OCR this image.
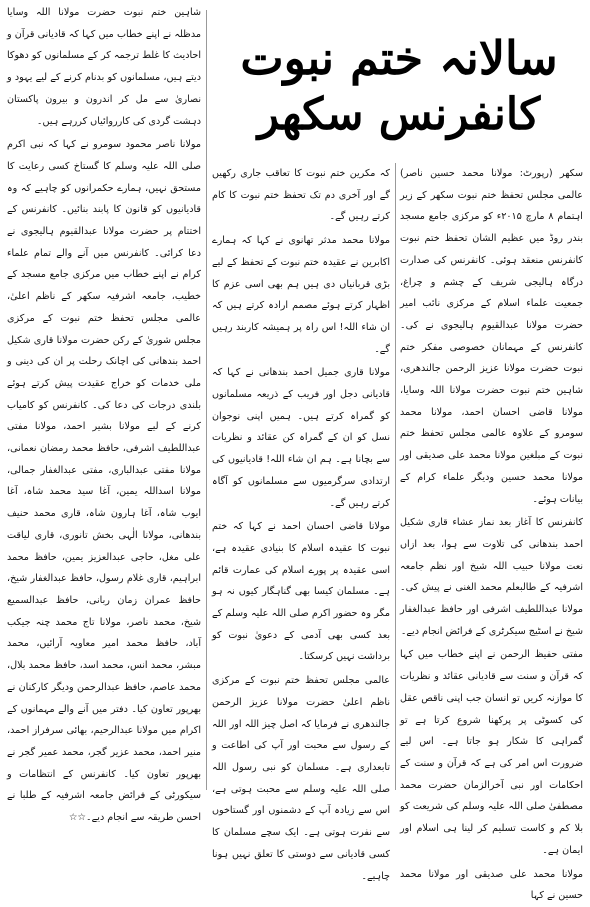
سالانہ ختم نبوت
کانفرنس سکھر

شاہین ختم نبوت حضرت مولانا اللہ وسایا مدظلہ نے اپنے خطاب میں کہا کہ قادیانی قرآن و احادیث کا غلط ترجمہ کر کے مسلمانوں کو دھوکا دیتے ہیں، مسلمانوں کو بدنام کرنے کے لیے یہود و نصاریٰ سے مل کر اندرون و بیرون پاکستان دہشت گردی کی کارروائیاں کررہے ہیں۔

مولانا ناصر محمود سومرو نے کہا کہ نبی اکرم صلی اللہ علیہ وسلم کا گستاخ کسی رعایت کا مستحق نہیں، ہمارے حکمرانوں کو چاہیے کہ وہ قادیانیوں کو قانون کا پابند بنائیں۔ کانفرنس کے اختتام پر حضرت مولانا عبدالقیوم ہالیجوی نے دعا کرائی۔ کانفرنس میں آنے والے تمام علماء کرام نے اپنے خطاب میں مرکزی جامع مسجد کے خطیب، جامعہ اشرفیہ سکھر کے ناظم اعلیٰ، عالمی مجلس تحفظ ختم نبوت کے مرکزی مجلس شوریٰ کے رکن حضرت مولانا قاری شکیل احمد بندھانی کی اچانک رحلت پر ان کی دینی و ملی خدمات کو خراج عقیدت پیش کرتے ہوئے بلندی درجات کی دعا کی۔ کانفرنس کو کامیاب کرنے کے لیے مولانا بشیر احمد، مولانا مفتی عبداللطیف اشرفی، حافظ محمد رمضان نعمانی، مولانا مفتی عبدالباری، مفتی عبدالغفار جمالی، مولانا اسداللہ یمین، آغا سید محمد شاہ، آغا ایوب شاہ، آغا ہارون شاہ، قاری محمد حنیف بندھانی، مولانا الٰہی بخش تانوری، قاری لیاقت علی مغل، حاجی عبدالعزیز یمین، حافظ محمد ابراہیم، قاری غلام رسول، حافظ عبدالغفار شیخ، حافظ عمران زمان ربانی، حافظ عبدالسمیع شیخ، محمد ناصر، مولانا تاج محمد چنہ جیکب آباد، حافظ محمد امیر معاویہ آرائیں، محمد مبشر، محمد انس، محمد اسد، حافظ محمد بلال، محمد عاصم، حافظ عبدالرحمن ودیگر کارکنان نے بھرپور تعاون کیا۔ دفتر میں آنے والے مہمانوں کے اکرام میں مولانا عبدالرحیم، بھائی سرفراز احمد، منیر احمد، محمد عزیر گجر، محمد عمیر گجر نے بھرپور تعاون کیا۔ کانفرنس کے انتظامات و سیکورٹی کے فرائض جامعہ اشرفیہ کے طلبا نے احسن طریقہ سے انجام دیے۔☆☆

کہ مکرین ختم نبوت کا تعاقب جاری رکھیں گے اور آخری دم تک تحفظ ختم نبوت کا کام کرتے رہیں گے۔

مولانا محمد مدثر تھانوی نے کہا کہ ہمارے اکابرین نے عقیدہ ختم نبوت کے تحفظ کے لیے بڑی قربانیاں دی ہیں ہم بھی اسی عزم کا اظہار کرتے ہوئے مصمم ارادہ کرتے ہیں کہ ان شاء اللہ! اس راہ پر ہمیشہ کاربند رہیں گے۔

مولانا قاری جمیل احمد بندھانی نے کہا کہ قادیانی دجل اور فریب کے ذریعہ مسلمانوں کو گمراہ کرتے ہیں۔ ہمیں اپنی نوجوان نسل کو ان کے گمراہ کن عقائد و نظریات سے بچانا ہے۔ ہم ان شاء اللہ! قادیانیوں کی ارتدادی سرگرمیوں سے مسلمانوں کو آگاہ کرتے رہیں گے۔

مولانا قاضی احسان احمد نے کہا کہ ختم نبوت کا عقیدہ اسلام کا بنیادی عقیدہ ہے، اسی عقیدہ پر پورے اسلام کی عمارت قائم ہے۔ مسلمان کیسا بھی گناہگار کیوں نہ ہو مگر وہ حضور اکرم صلی اللہ علیہ وسلم کے بعد کسی بھی آدمی کے دعویٰ نبوت کو برداشت نہیں کرسکتا۔

عالمی مجلس تحفظ ختم نبوت کے مرکزی ناظم اعلیٰ حضرت مولانا عزیز الرحمن جالندھری نے فرمایا کہ اصل چیز اللہ اور اللہ کے رسول سے محبت اور آپ کی اطاعت و تابعداری ہے۔ مسلمان کو نبی رسول اللہ صلی اللہ علیہ وسلم سے محبت ہوتی ہے، اس سے زیادہ آپ کے دشمنوں اور گستاخوں سے نفرت ہوتی ہے۔ ایک سچے مسلمان کا کسی قادیانی سے دوستی کا تعلق نہیں ہونا چاہیے۔

سکھر (رپورٹ: مولانا محمد حسین ناصر) عالمی مجلس تحفظ ختم نبوت سکھر کے زیر اہتمام ۸ مارچ ۲۰۱۵ء کو مرکزی جامع مسجد بندر روڈ میں عظیم الشان تحفظ ختم نبوت کانفرنس منعقد ہوئی۔ کانفرنس کی صدارت درگاہ ہالیجی شریف کے چشم و چراغ، جمعیت علماء اسلام کے مرکزی نائب امیر حضرت مولانا عبدالقیوم ہالیجوی نے کی۔ کانفرنس کے مہمانان خصوصی مفکر ختم نبوت حضرت مولانا عزیز الرحمن جالندھری، شاہین ختم نبوت حضرت مولانا اللہ وسایا، مولانا قاضی احسان احمد، مولانا محمد سومرو کے علاوہ عالمی مجلس تحفظ ختم نبوت کے مبلغین مولانا محمد علی صدیقی اور مولانا محمد حسین ودیگر علماء کرام کے بیانات ہوئے۔

کانفرنس کا آغاز بعد نماز عشاء قاری شکیل احمد بندھانی کی تلاوت سے ہوا، بعد ازاں نعت مولانا حبیب اللہ شیخ اور نظم جامعہ اشرفیہ کے طالبعلم محمد الغنی نے پیش کی۔ مولانا عبداللطیف اشرفی اور حافظ عبدالغفار شیخ نے اسٹیج سیکرٹری کے فرائض انجام دیے۔

مفتی حفیظ الرحمن نے اپنے خطاب میں کہا کہ قرآن و سنت سے قادیانی عقائد و نظریات کا موازنہ کریں تو انسان جب اپنی ناقص عقل کی کسوٹی پر پرکھنا شروع کرتا ہے تو گمراہی کا شکار ہو جاتا ہے۔ اس لیے ضرورت اس امر کی ہے کہ قرآن و سنت کے احکامات اور نبی آخرالزمان حضرت محمد مصطفیٰ صلی اللہ علیہ وسلم کی شریعت کو بلا کم و کاست تسلیم کر لینا ہی اسلام اور ایمان ہے۔

مولانا محمد علی صدیقی اور مولانا محمد حسین نے کہا
